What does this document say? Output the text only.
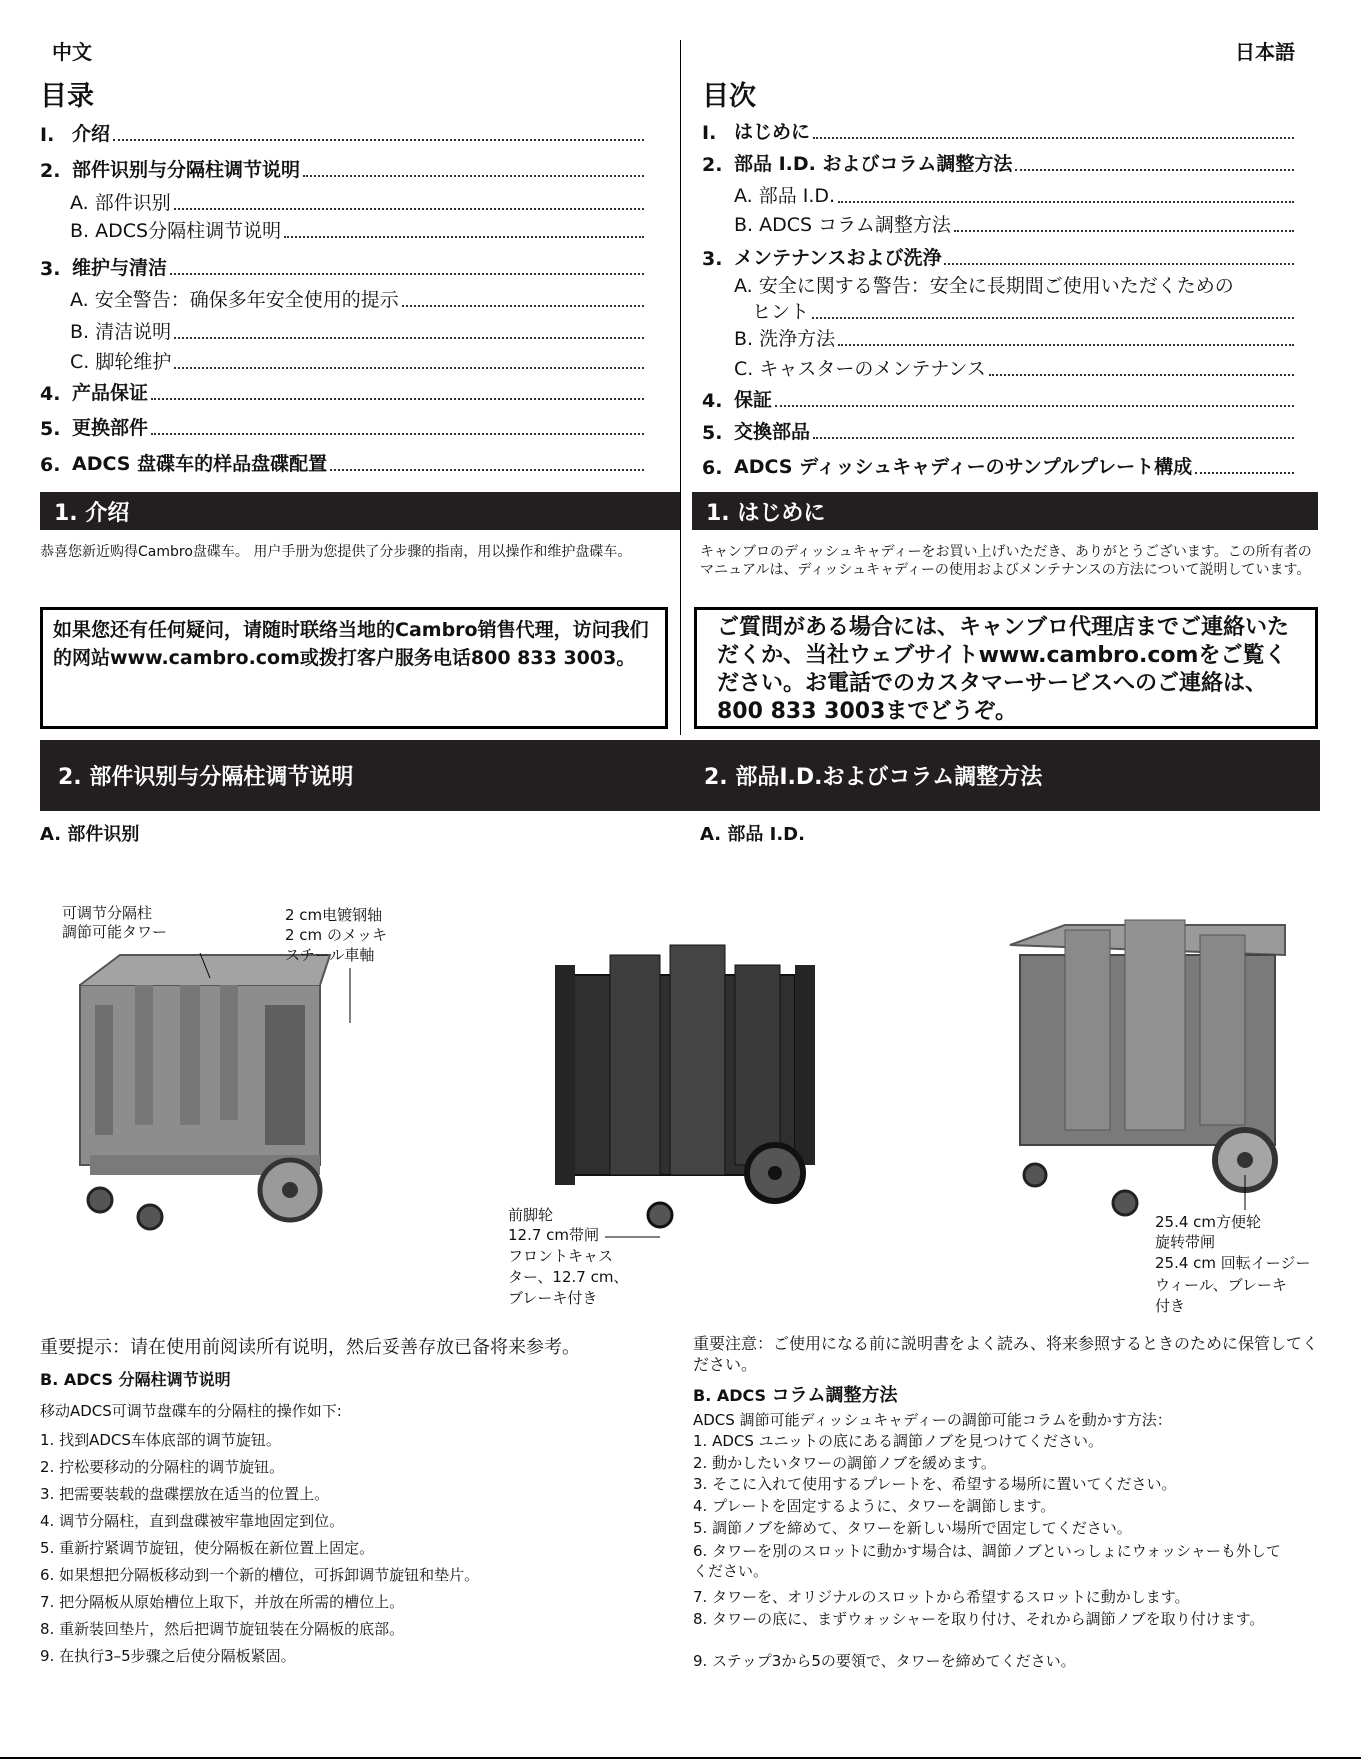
中文	日本語
目录	目次
I. 介绍
2. 部件识别与分隔柱调节说明
A. 部件识别
B. ADCS分隔柱调节说明
3. 维护与清洁
A. 安全警告：确保多年安全使用的提示
B. 清洁说明
C. 脚轮维护
4. 产品保证
5. 更换部件
6. ADCS 盘碟车的样品盘碟配置
I. はじめに
2. 部品 I.D. およびコラム調整方法
A. 部品 I.D.
B. ADCS コラム調整方法
3. メンテナンスおよび洗浄
A. 安全に関する警告：安全に長期間ご使用いただくための
ヒント
B. 洗浄方法
C. キャスターのメンテナンス
4. 保証
5. 交換部品
6. ADCS ディッシュキャディーのサンプルプレート構成
1. 介绍	1. はじめに
恭喜您新近购得Cambro盘碟车。 用户手册为您提供了分步骤的指南，用以操作和维护盘碟车。	キャンブロのディッシュキャディーをお買い上げいただき、ありがとうございます。この所有者のマニュアルは、ディッシュキャディーの使用およびメンテナンスの方法について説明しています。
如果您还有任何疑问，请随时联络当地的Cambro销售代理，访问我们的网站www.cambro.com或拨打客户服务电话800 833 3003。
ご質問がある場合には、キャンブロ代理店までご連絡いただくか、当社ウェブサイトwww.cambro.comをご覧ください。お電話でのカスタマーサービスへのご連絡は、800 833 3003までどうぞ。
2. 部件识别与分隔柱调节说明	2. 部品I.D.およびコラム調整方法
A. 部件识别	A. 部品 I.D.
可调节分隔柱
調節可能タワー
2 cm电镀钢轴
2 cm のメッキ
スチール車軸
前脚轮
12.7 cm带闸
フロントキャス
ター、12.7 cm、
ブレーキ付き
25.4 cm方便轮
旋转带闸
25.4 cm 回転イージー
ウィール、ブレーキ
付き
重要提示：请在使用前阅读所有说明，然后妥善存放已备将来参考。	重要注意：ご使用になる前に説明書をよく読み、将来参照するときのために保管してください。
B. ADCS 分隔柱调节说明
B. ADCS コラム調整方法
移动ADCS可调节盘碟车的分隔柱的操作如下:	ADCS 調節可能ディッシュキャディーの調節可能コラムを動かす方法：
1. 找到ADCS车体底部的调节旋钮。
2. 拧松要移动的分隔柱的调节旋钮。
3. 把需要装载的盘碟摆放在适当的位置上。
4. 调节分隔柱，直到盘碟被牢靠地固定到位。
5. 重新拧紧调节旋钮，使分隔板在新位置上固定。
6. 如果想把分隔板移动到一个新的槽位，可拆卸调节旋钮和垫片。
7. 把分隔板从原始槽位上取下，并放在所需的槽位上。
8. 重新装回垫片，然后把调节旋钮装在分隔板的底部。
9. 在执行3–5步骤之后使分隔板紧固。
1. ADCS ユニットの底にある調節ノブを見つけてください。
2. 動かしたいタワーの調節ノブを緩めます。
3. そこに入れて使用するプレートを、希望する場所に置いてください。
4. プレートを固定するように、タワーを調節します。
5. 調節ノブを締めて、タワーを新しい場所で固定してください。
6. タワーを別のスロットに動かす場合は、調節ノブといっしょにウォッシャーも外してください。
7. タワーを、オリジナルのスロットから希望するスロットに動かします。
8. タワーの底に、まずウォッシャーを取り付け、それから調節ノブを取り付けます。
9. ステップ3から5の要領で、タワーを締めてください。
